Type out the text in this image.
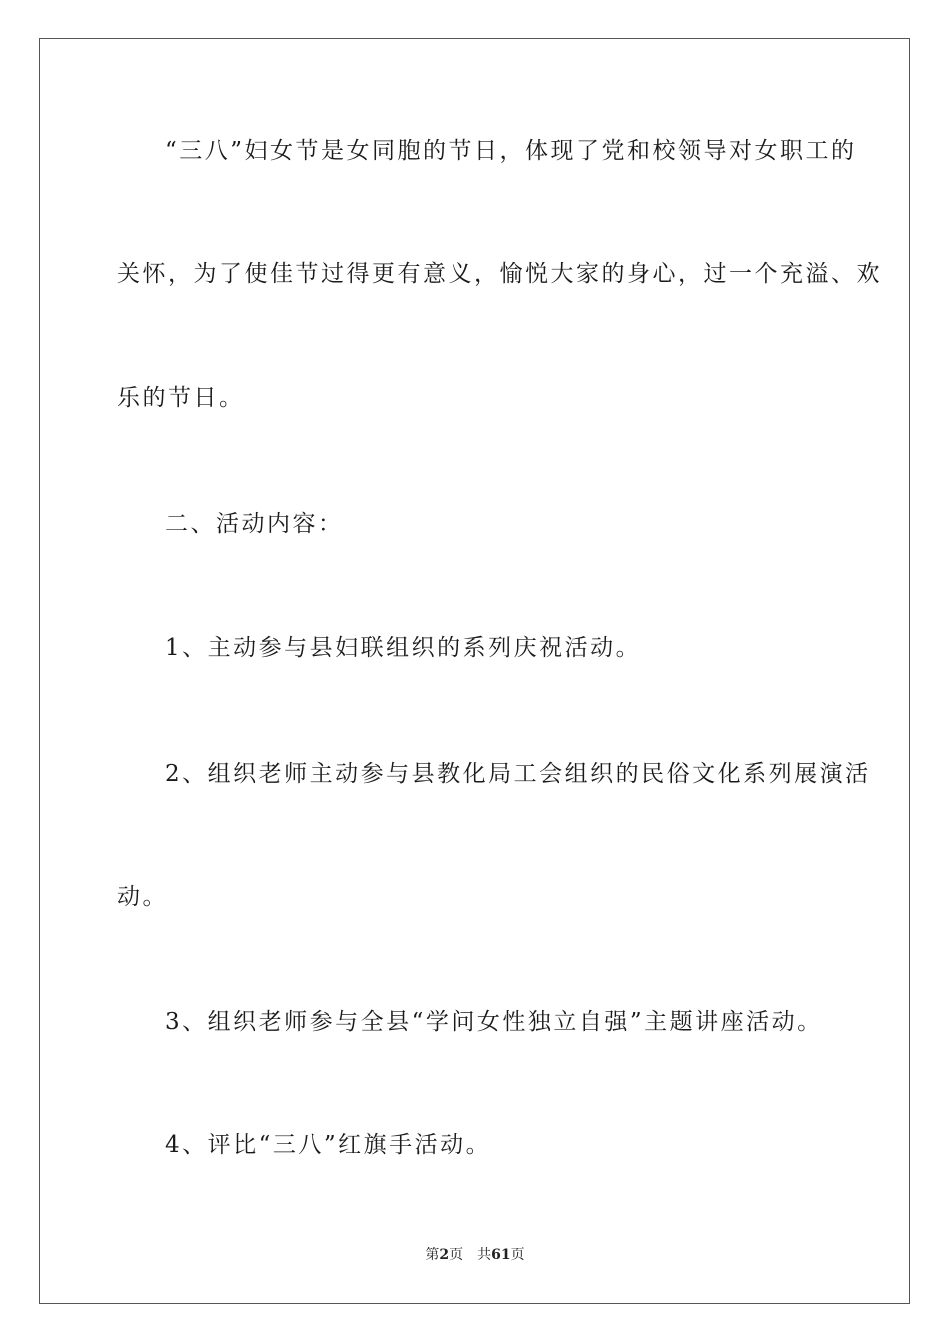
“三八”妇女节是女同胞的节日，体现了党和校领导对女职工的
关怀，为了使佳节过得更有意义，愉悦大家的身心，过一个充溢、欢
乐的节日。
二、活动内容：
1、主动参与县妇联组织的系列庆祝活动。
2、组织老师主动参与县教化局工会组织的民俗文化系列展演活
动。
3、组织老师参与全县“学问女性独立自强”主题讲座活动。
4、评比“三八”红旗手活动。
第2页 共61页
